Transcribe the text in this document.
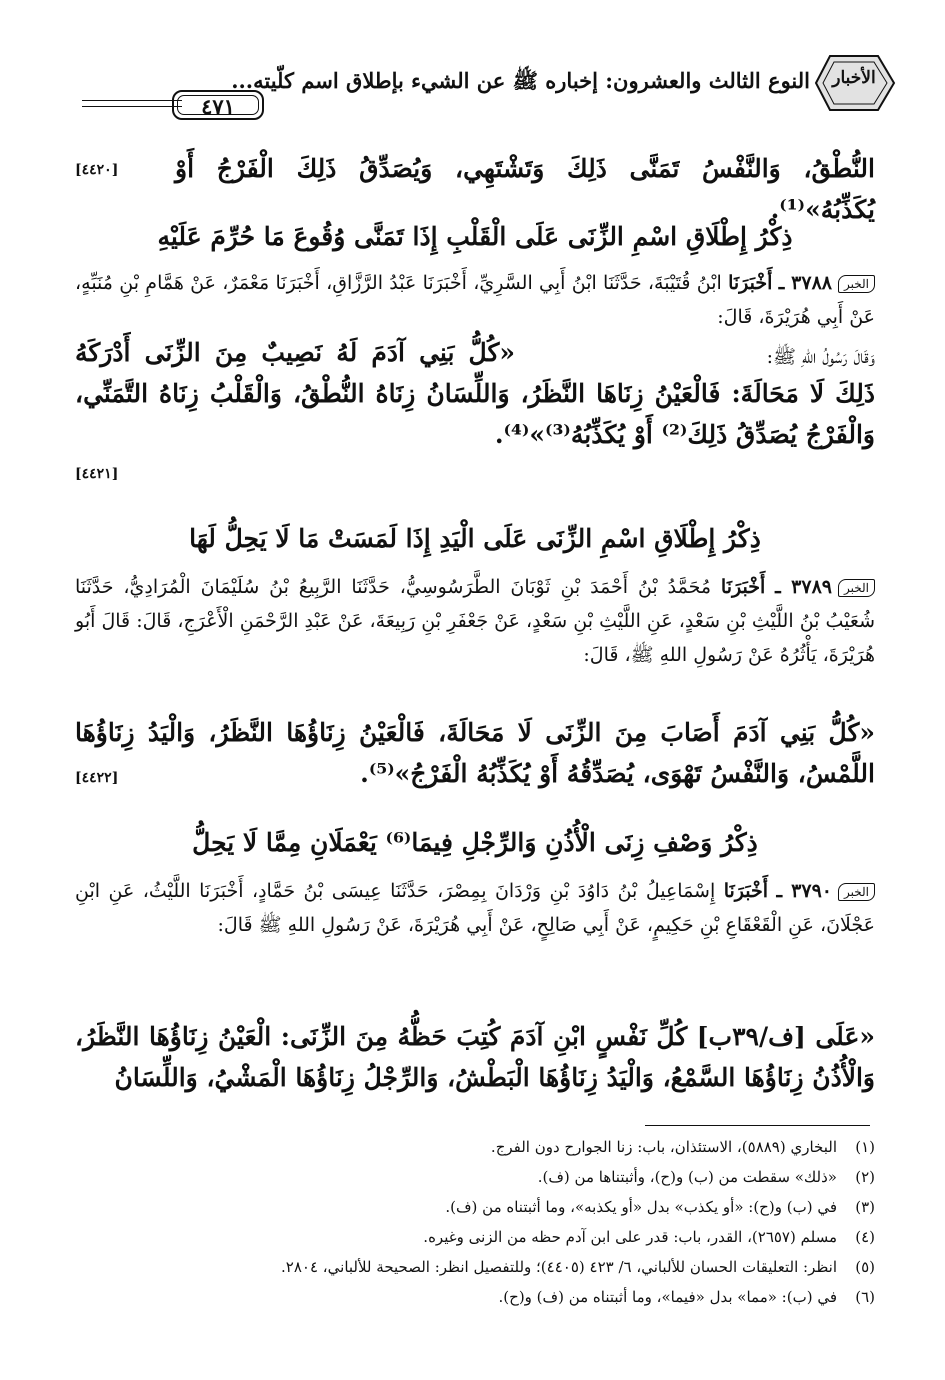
النوع الثالث والعشرون: إخباره ﷺ عن الشيء بإطلاق اسم كلّيته...	الأخبار
٤٧١
النُّطْقُ، وَالنَّفْسُ تَمَنَّى ذَلِكَ وَتَشْتَهِي، وَيُصَدِّقُ ذَلِكَ الْفَرْجُ أَوْ يُكَذِّبُهُ»⁽¹⁾.
[٤٤٢٠]
ذِكْرُ إِطْلَاقِ اسْمِ الزِّنَى عَلَى الْقَلْبِ إِذَا تَمَنَّى وُقُوعَ مَا حُرِّمَ عَلَيْهِ
الخبر٣٧٨٨ ـ أَخْبَرَنَا ابْنُ قُتَيْبَةَ، حَدَّثَنَا ابْنُ أَبِي السَّرِيِّ، أَخْبَرَنَا عَبْدُ الرَّزَّاقِ، أَخْبَرَنَا مَعْمَرٌ، عَنْ هَمَّامِ بْنِ مُنَبِّهٍ، عَنْ أَبِي هُرَيْرَةَ، قَالَ:
وَقَالَ رَسُولُ اللهِ ﷺ:
«كُلُّ بَنِي آدَمَ لَهُ نَصِيبٌ مِنَ الزِّنَى أَدْرَكَهُ ذَلِكَ لَا مَحَالَةَ: فَالْعَيْنُ زِنَاهَا النَّظَرُ، وَاللِّسَانُ زِنَاهُ النُّطْقُ، وَالْقَلْبُ زِنَاهُ التَّمَنِّي، وَالْفَرْجُ يُصَدِّقُ ذَلِكَ⁽²⁾ أَوْ يُكَذِّبُهُ⁽³⁾»⁽⁴⁾.
[٤٤٢١]
ذِكْرُ إِطْلَاقِ اسْمِ الزِّنَى عَلَى الْيَدِ إِذَا لَمَسَتْ مَا لَا يَحِلُّ لَهَا
الخبر٣٧٨٩ ـ أَخْبَرَنَا مُحَمَّدُ بْنُ أَحْمَدَ بْنِ ثَوْبَانَ الطَّرَسُوسِيُّ، حَدَّثَنَا الرَّبِيعُ بْنُ سُلَيْمَانَ الْمُرَادِيُّ، حَدَّثَنَا شُعَيْبُ بْنُ اللَّيْثِ بْنِ سَعْدٍ، عَنِ اللَّيْثِ بْنِ سَعْدٍ، عَنْ جَعْفَرِ بْنِ رَبِيعَةَ، عَنْ عَبْدِ الرَّحْمَنِ الْأَعْرَجِ، قَالَ: قَالَ أَبُو هُرَيْرَةَ، يَأْثُرُهُ عَنْ رَسُولِ اللهِ ﷺ، قَالَ:
«كُلُّ بَنِي آدَمَ أَصَابَ مِنَ الزِّنَى لَا مَحَالَةَ، فَالْعَيْنُ زِنَاؤُهَا النَّظَرُ، وَالْيَدُ زِنَاؤُهَا اللَّمْسُ، وَالنَّفْسُ تَهْوَى، يُصَدِّقُهُ أَوْ يُكَذِّبُهُ الْفَرْجُ»⁽⁵⁾.
[٤٤٢٢]
ذِكْرُ وَصْفِ زِنَى الْأُذُنِ وَالرِّجْلِ فِيمَا⁽⁶⁾ يَعْمَلَانِ مِمَّا لَا يَحِلُّ
الخبر٣٧٩٠ ـ أَخْبَرَنَا إِسْمَاعِيلُ بْنُ دَاوُدَ بْنِ وَرْدَانَ بِمِصْرَ، حَدَّثَنَا عِيسَى بْنُ حَمَّادٍ، أَخْبَرَنَا اللَّيْثُ، عَنِ ابْنِ عَجْلَانَ، عَنِ الْقَعْقَاعِ بْنِ حَكِيمٍ، عَنْ أَبِي صَالِحٍ، عَنْ أَبِي هُرَيْرَةَ، عَنْ رَسُولِ اللهِ ﷺ قَالَ:
«عَلَى [ف/٣٩ب] كُلِّ نَفْسٍ ابْنِ آدَمَ كُتِبَ حَظُّهُ مِنَ الزِّنَى: الْعَيْنُ زِنَاؤُهَا النَّظَرُ، وَالْأُذُنُ زِنَاؤُهَا السَّمْعُ، وَالْيَدُ زِنَاؤُهَا الْبَطْشُ، وَالرِّجْلُ زِنَاؤُهَا الْمَشْيُ، وَاللِّسَانُ
(١)البخاري (٥٨٨٩)، الاستئذان، باب: زنا الجوارح دون الفرج.
(٢)«ذلك» سقطت من (ب) و(ح)، وأثبتناها من (ف).
(٣)في (ب) و(ح): «أو يكذب» بدل «أو يكذبه»، وما أثبتناه من (ف).
(٤)مسلم (٢٦٥٧)، القدر، باب: قدر على ابن آدم حظه من الزنى وغيره.
(٥)انظر: التعليقات الحسان للألباني، ٦/ ٤٢٣ (٤٤٠٥)؛ وللتفصيل انظر: الصحيحة للألباني، ٢٨٠٤.
(٦)في (ب): «مما» بدل «فيما»، وما أثبتناه من (ف) و(ح).
